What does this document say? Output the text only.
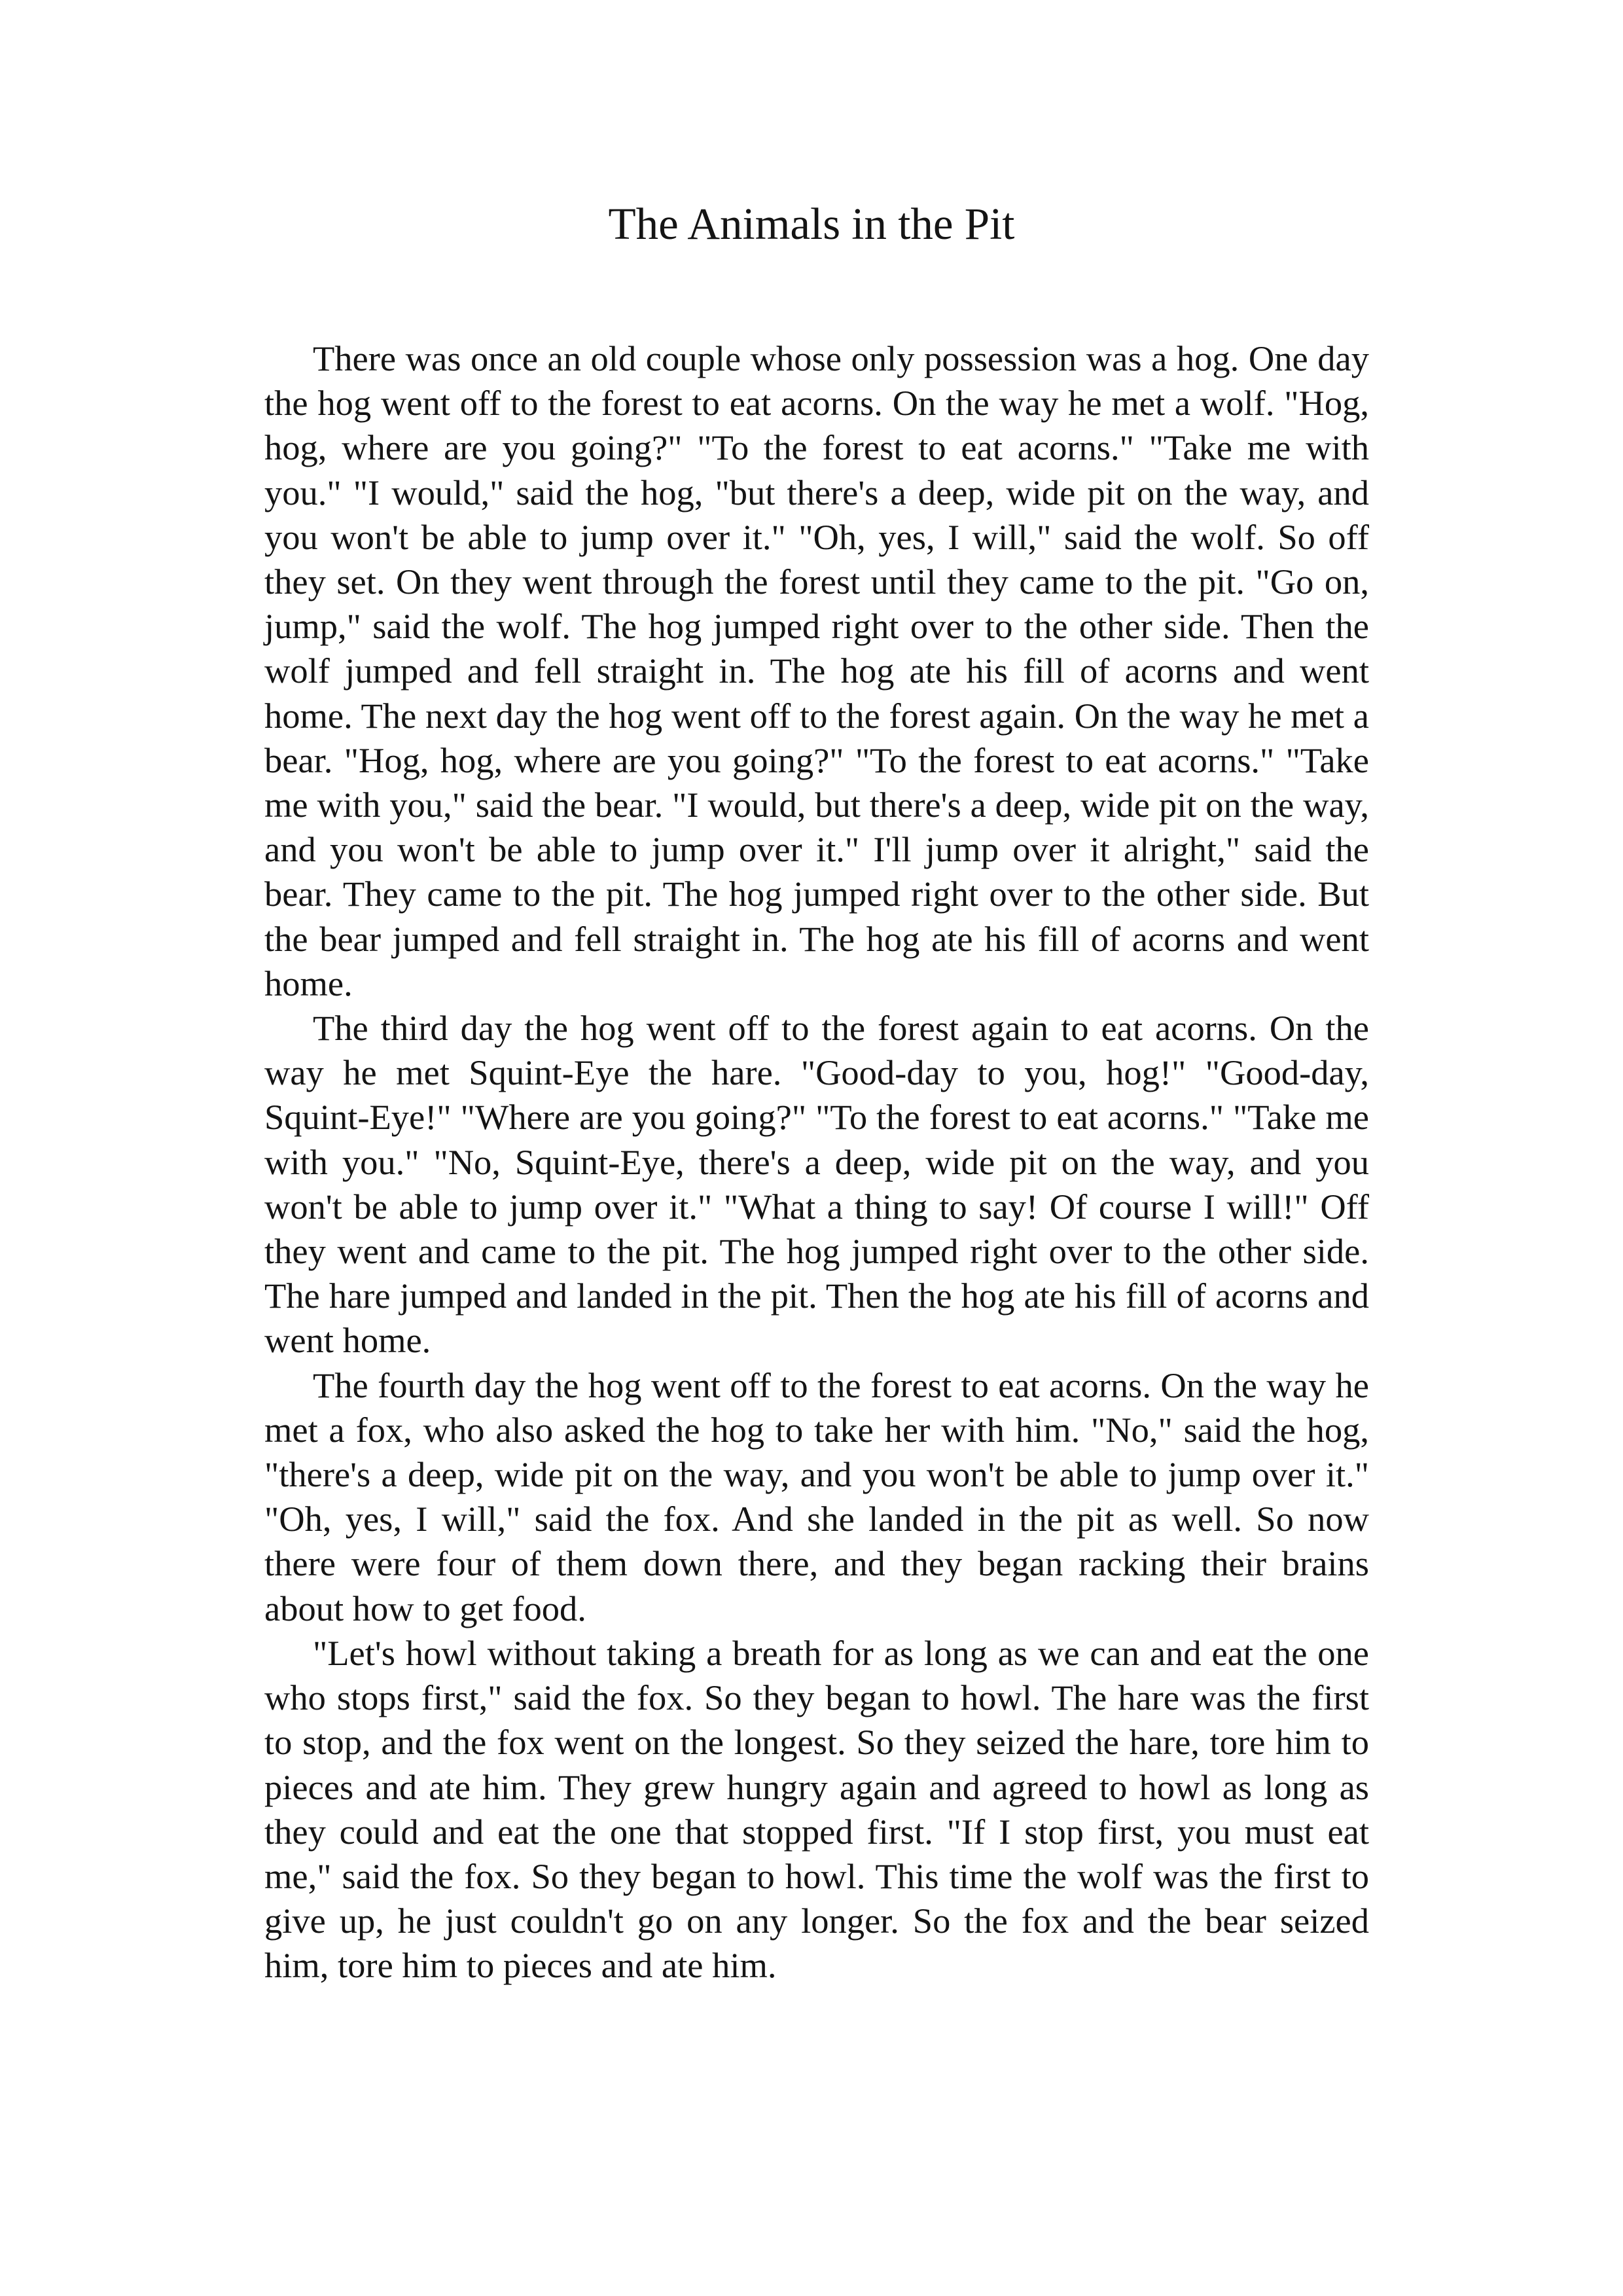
The Animals in the Pit

There was once an old couple whose only possession was a hog. One day the hog went off to the forest to eat acorns. On the way he met a wolf. "Hog, hog, where are you going?" "To the forest to eat acorns." "Take me with you." "I would," said the hog, "but there's a deep, wide pit on the way, and you won't be able to jump over it." "Oh, yes, I will," said the wolf. So off they set. On they went through the forest until they came to the pit. "Go on, jump," said the wolf. The hog jumped right over to the other side. Then the wolf jumped and fell straight in. The hog ate his fill of acorns and went home. The next day the hog went off to the forest again. On the way he met a bear. "Hog, hog, where are you going?" "To the forest to eat acorns." "Take me with you," said the bear. "I would, but there's a deep, wide pit on the way, and you won't be able to jump over it." I'll jump over it alright," said the bear. They came to the pit. The hog jumped right over to the other side. But the bear jumped and fell straight in. The hog ate his fill of acorns and went home.

The third day the hog went off to the forest again to eat acorns. On the way he met Squint-Eye the hare. "Good-day to you, hog!" "Good-day, Squint-Eye!" "Where are you going?" "To the forest to eat acorns." "Take me with you." "No, Squint-Eye, there's a deep, wide pit on the way, and you won't be able to jump over it." "What a thing to say! Of course I will!" Off they went and came to the pit. The hog jumped right over to the other side. The hare jumped and landed in the pit. Then the hog ate his fill of acorns and went home.

The fourth day the hog went off to the forest to eat acorns. On the way he met a fox, who also asked the hog to take her with him. "No," said the hog, "there's a deep, wide pit on the way, and you won't be able to jump over it." "Oh, yes, I will," said the fox. And she landed in the pit as well. So now there were four of them down there, and they began racking their brains about how to get food.

"Let's howl without taking a breath for as long as we can and eat the one who stops first," said the fox. So they began to howl. The hare was the first to stop, and the fox went on the longest. So they seized the hare, tore him to pieces and ate him. They grew hungry again and agreed to howl as long as they could and eat the one that stopped first. "If I stop first, you must eat me," said the fox. So they began to howl. This time the wolf was the first to give up, he just couldn't go on any longer. So the fox and the bear seized him, tore him to pieces and ate him.
